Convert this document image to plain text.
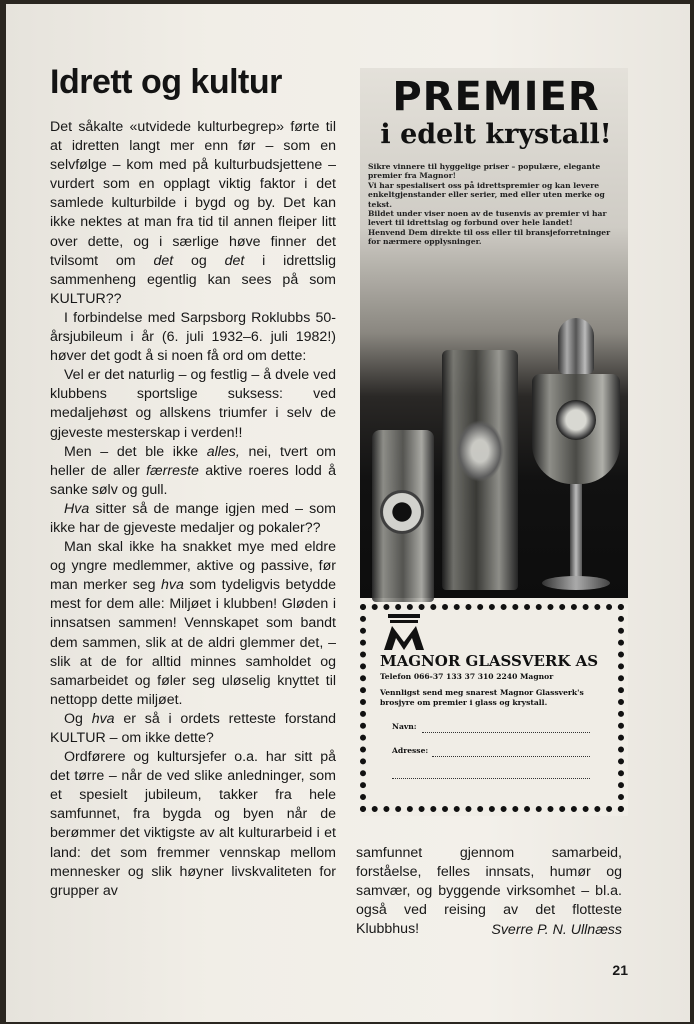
Idrett og kultur

Det såkalte «utvidede kulturbegrep» førte til at idretten langt mer enn før – som en selvfølge – kom med på kulturbudsjettene – vurdert som en opplagt viktig faktor i det samlede kulturbilde i bygd og by. Det kan ikke nektes at man fra tid til annen fleiper litt over dette, og i særlige høve finner det tvilsomt om det og det i idrettslig sammenheng egentlig kan sees på som KULTUR??

I forbindelse med Sarpsborg Roklubbs 50-årsjubileum i år (6. juli 1932–6. juli 1982!) høver det godt å si noen få ord om dette:

Vel er det naturlig – og festlig – å dvele ved klubbens sportslige suksess: ved medaljehøst og allskens triumfer i selv de gjeveste mesterskap i verden!!

Men – det ble ikke alles, nei, tvert om heller de aller færreste aktive roeres lodd å sanke sølv og gull.

Hva sitter så de mange igjen med – som ikke har de gjeveste medaljer og pokaler??

Man skal ikke ha snakket mye med eldre og yngre medlemmer, aktive og passive, før man merker seg hva som tydeligvis betydde mest for dem alle: Miljøet i klubben! Gløden i innsatsen sammen! Vennskapet som bandt dem sammen, slik at de aldri glemmer det, – slik at de for alltid minnes samholdet og samarbeidet og føler seg uløselig knyttet til nettopp dette miljøet.

Og hva er så i ordets retteste forstand KULTUR – om ikke dette?

Ordførere og kultursjefer o.a. har sitt på det tørre – når de ved slike anledninger, som et spesielt jubileum, takker fra hele samfunnet, fra bygda og byen når de berømmer det viktigste av alt kulturarbeid i et land: det som fremmer vennskap mellom mennesker og slik høyner livskvaliteten for grupper av

PREMIER
i edelt krystall!

Sikre vinnere til hyggelige priser – populære, elegante premier fra Magnor!

Vi har spesialisert oss på idrettspremier og kan levere enkeltgjenstander eller serier, med eller uten merke og tekst.

Bildet under viser noen av de tusenvis av premier vi har levert til idrettslag og forbund over hele landet!

Henvend Dem direkte til oss eller til bransjeforretninger for nærmere opplysninger.

MAGNOR GLASSVERK AS
Telefon 066-37 133 37 310 2240 Magnor
Vennligst send meg snarest Magnor Glassverk's brosjyre om premier i glass og krystall.
Navn:
Adresse:

samfunnet gjennom samarbeid, forståelse, felles innsats, humør og samvær, og byggende virksomhet – bl.a. også ved reising av det flotteste Klubbhus!	Sverre P. N. Ullnæss
21
